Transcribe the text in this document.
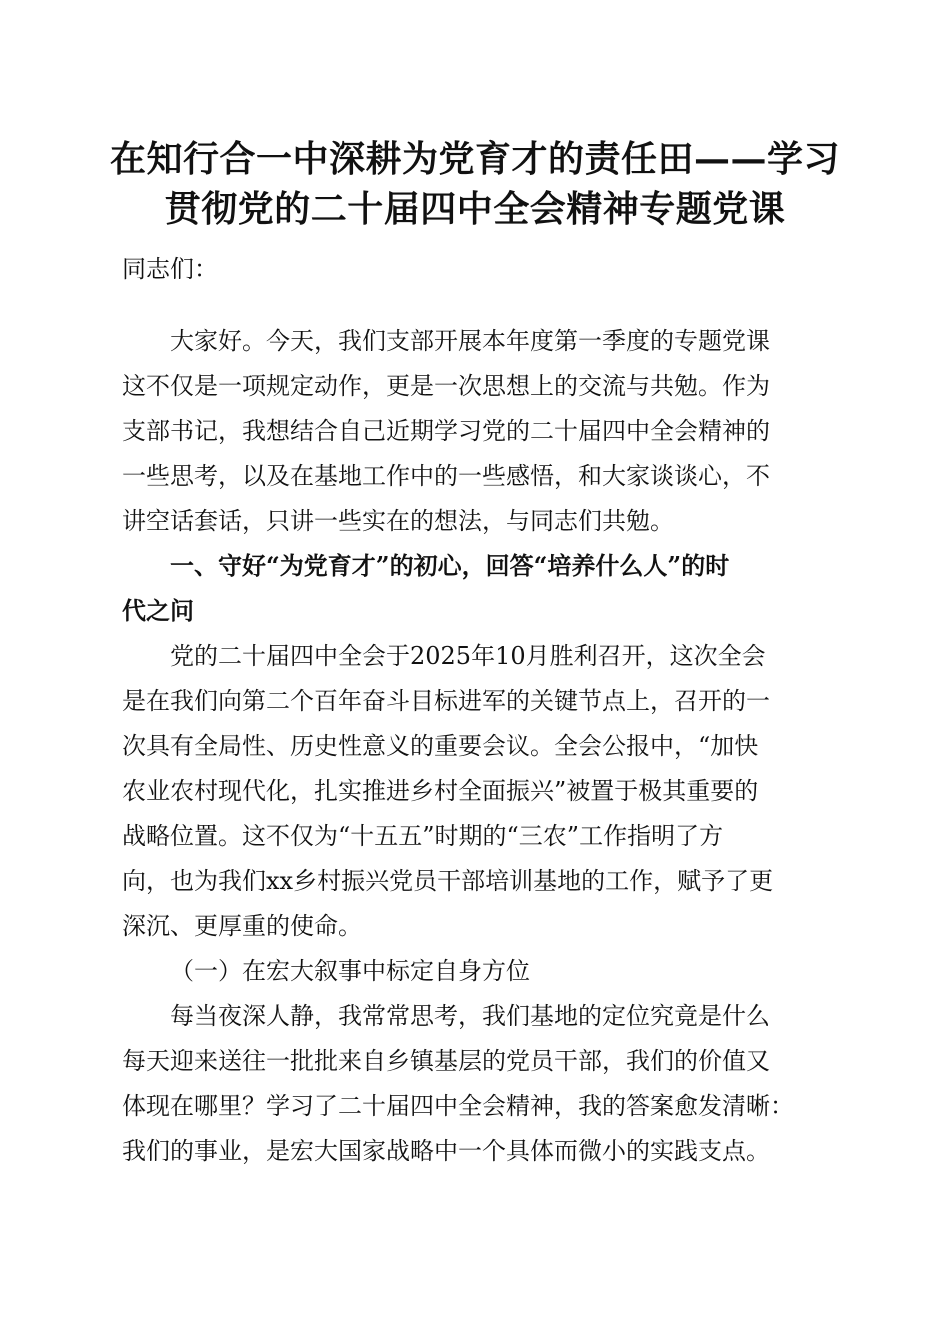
在知行合一中深耕为党育才的责任田——学习
贯彻党的二十届四中全会精神专题党课
同志们：
大家好。今天，我们支部开展本年度第一季度的专题党课
这不仅是一项规定动作，更是一次思想上的交流与共勉。作为
支部书记，我想结合自己近期学习党的二十届四中全会精神的
一些思考，以及在基地工作中的一些感悟，和大家谈谈心，不
讲空话套话，只讲一些实在的想法，与同志们共勉。
一、守好“为党育才”的初心，回答“培养什么人”的时
代之问
党的二十届四中全会于2025年10月胜利召开，这次全会
是在我们向第二个百年奋斗目标进军的关键节点上，召开的一
次具有全局性、历史性意义的重要会议。全会公报中，“加快
农业农村现代化，扎实推进乡村全面振兴”被置于极其重要的
战略位置。这不仅为“十五五”时期的“三农”工作指明了方
向，也为我们xx乡村振兴党员干部培训基地的工作，赋予了更
深沉、更厚重的使命。
（一）在宏大叙事中标定自身方位
每当夜深人静，我常常思考，我们基地的定位究竟是什么
每天迎来送往一批批来自乡镇基层的党员干部，我们的价值又
体现在哪里？学习了二十届四中全会精神，我的答案愈发清晰：
我们的事业，是宏大国家战略中一个具体而微小的实践支点。
